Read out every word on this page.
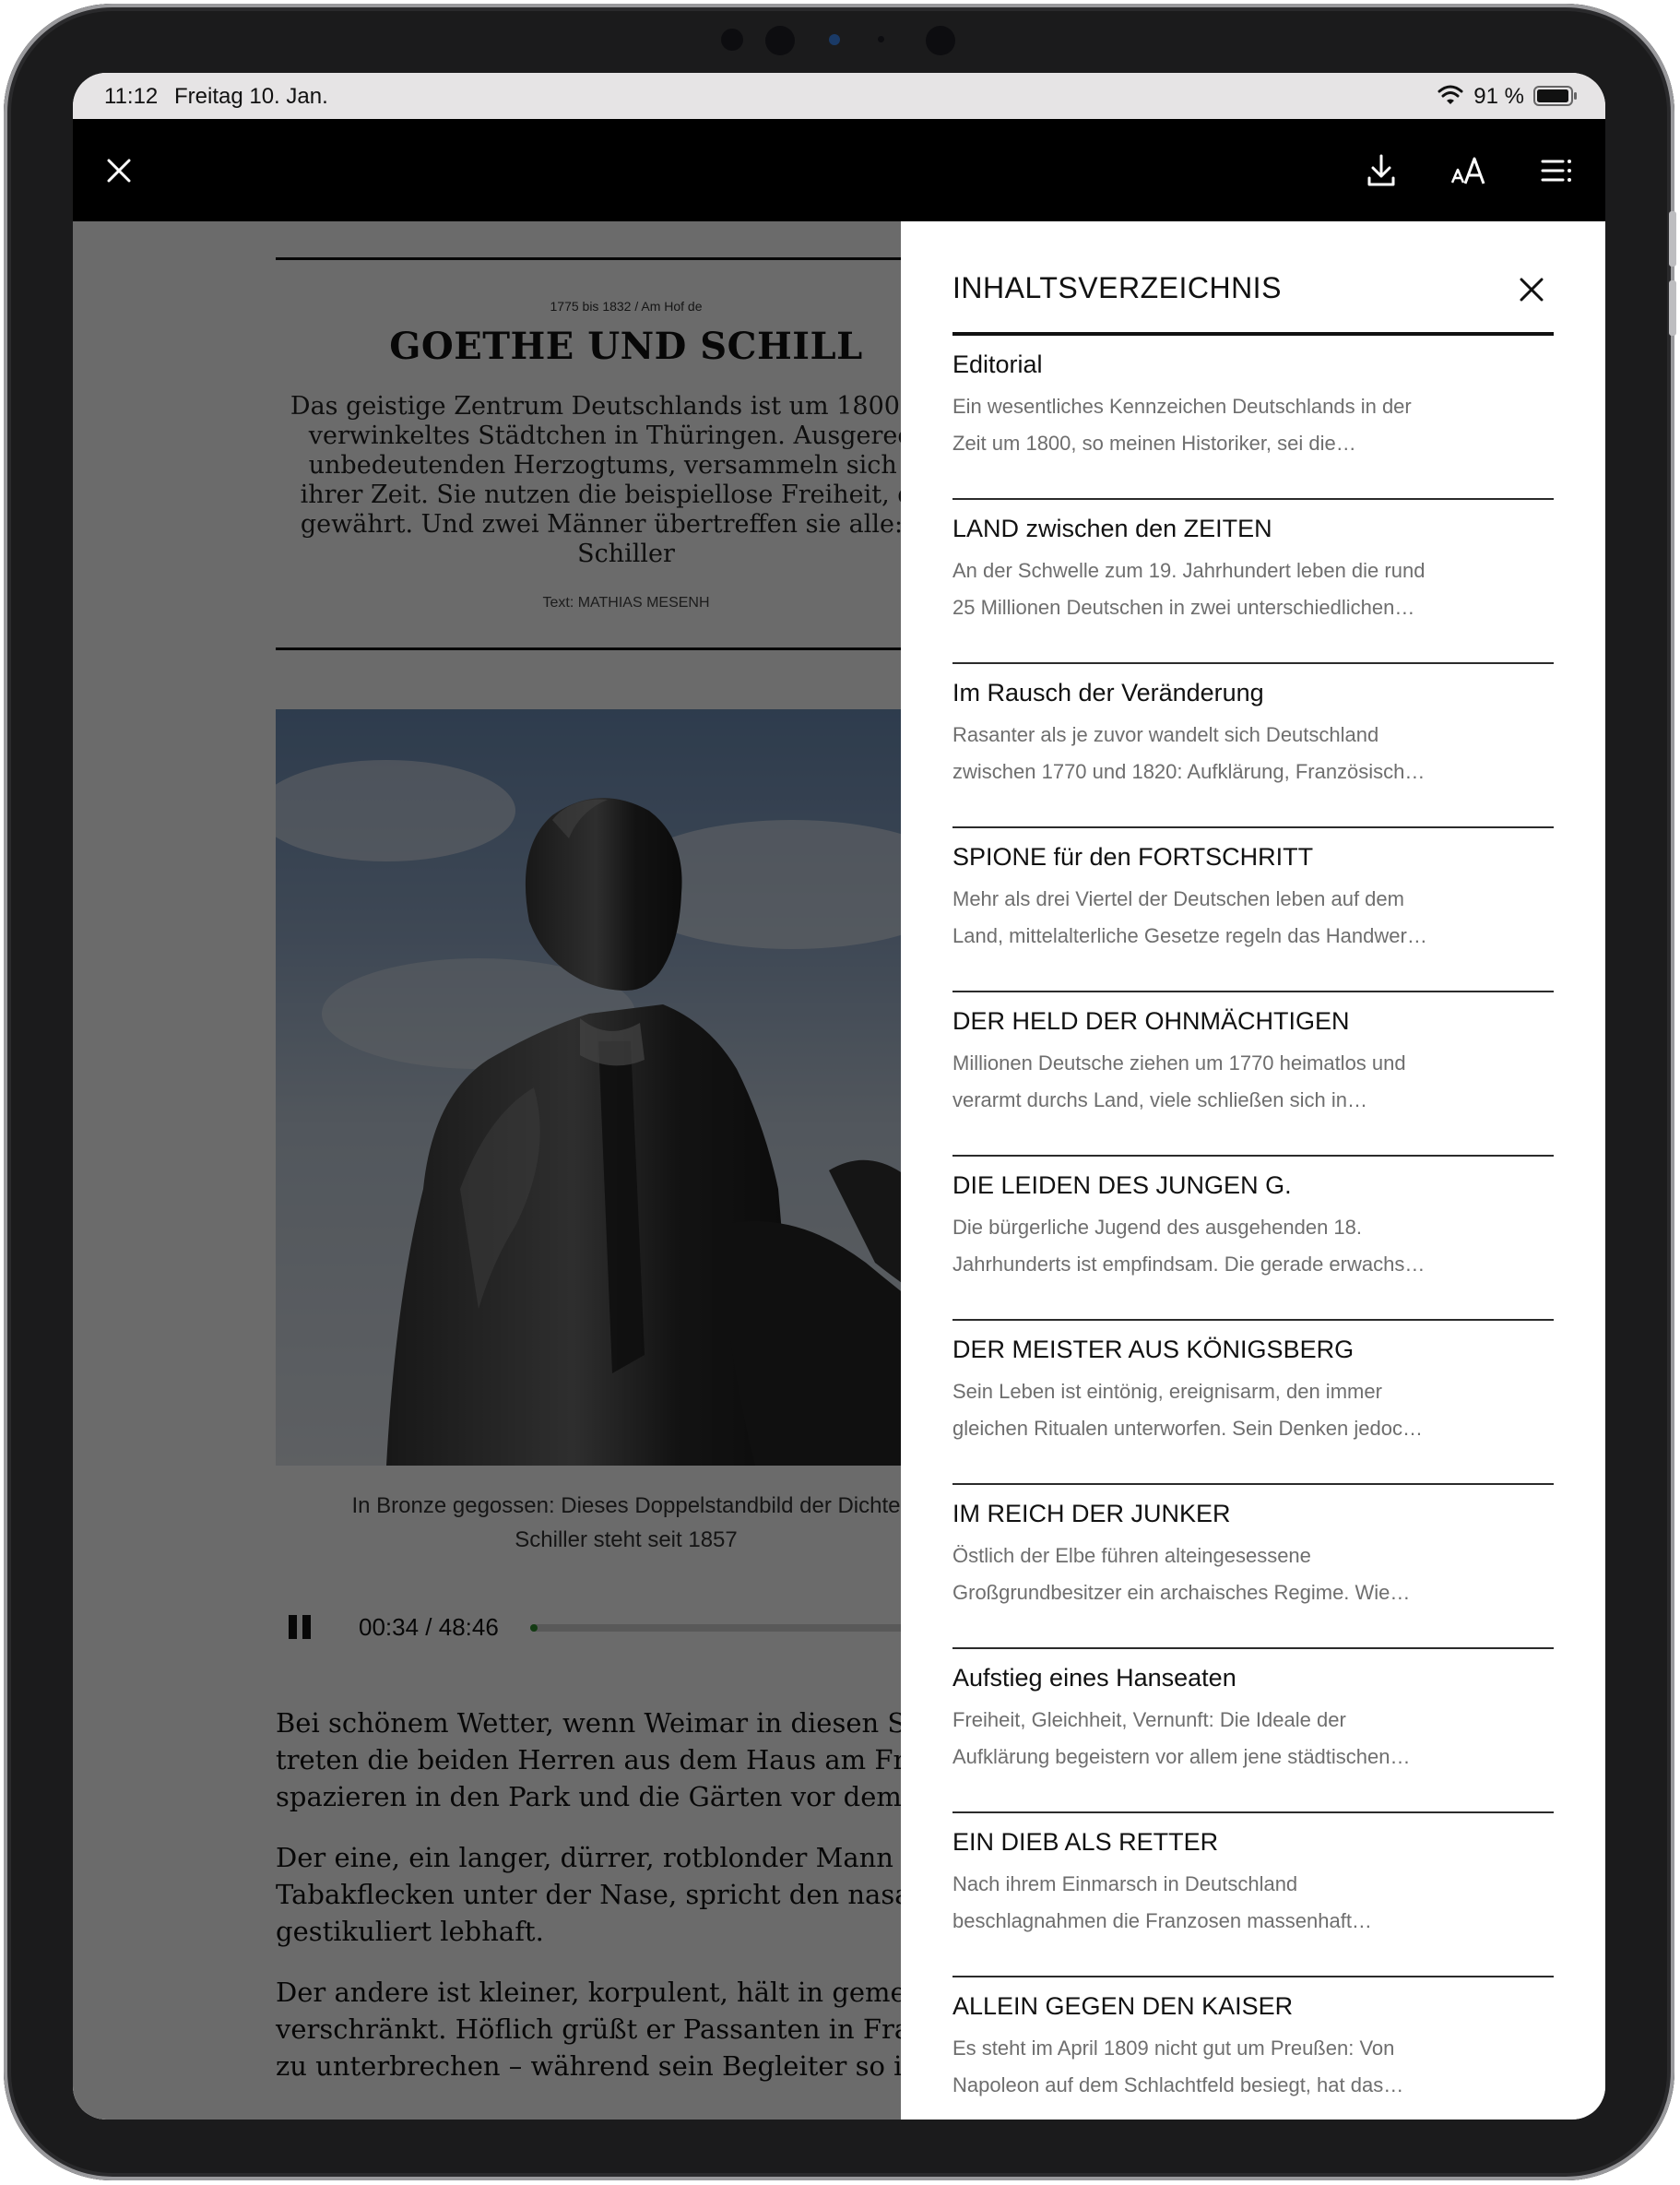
11:12 Freitag 10. Jan.	91 %
INHALTSVERZEICHNIS
Editorial
Ein wesentliches Kennzeichen Deutschlands in der
Zeit um 1800, so meinen Historiker, sei die…
LAND zwischen den ZEITEN
An der Schwelle zum 19. Jahrhundert leben die rund
25 Millionen Deutschen in zwei unterschiedlichen…
Im Rausch der Veränderung
Rasanter als je zuvor wandelt sich Deutschland
zwischen 1770 und 1820: Aufklärung, Französisch…
SPIONE für den FORTSCHRITT
Mehr als drei Viertel der Deutschen leben auf dem
Land, mittelalterliche Gesetze regeln das Handwer…
DER HELD DER OHNMÄCHTIGEN
Millionen Deutsche ziehen um 1770 heimatlos und
verarmt durchs Land, viele schließen sich in…
DIE LEIDEN DES JUNGEN G.
Die bürgerliche Jugend des ausgehenden 18.
Jahrhunderts ist empfindsam. Die gerade erwachs…
DER MEISTER AUS KÖNIGSBERG
Sein Leben ist eintönig, ereignisarm, den immer
gleichen Ritualen unterworfen. Sein Denken jedoc…
IM REICH DER JUNKER
Östlich der Elbe führen alteingesessene
Großgrundbesitzer ein archaisches Regime. Wie…
Aufstieg eines Hanseaten
Freiheit, Gleichheit, Vernunft: Die Ideale der
Aufklärung begeistern vor allem jene städtischen…
EIN DIEB ALS RETTER
Nach ihrem Einmarsch in Deutschland
beschlagnahmen die Franzosen massenhaft…
ALLEIN GEGEN DEN KAISER
Es steht im April 1809 nicht gut um Preußen: Von
Napoleon auf dem Schlachtfeld besiegt, hat das…
